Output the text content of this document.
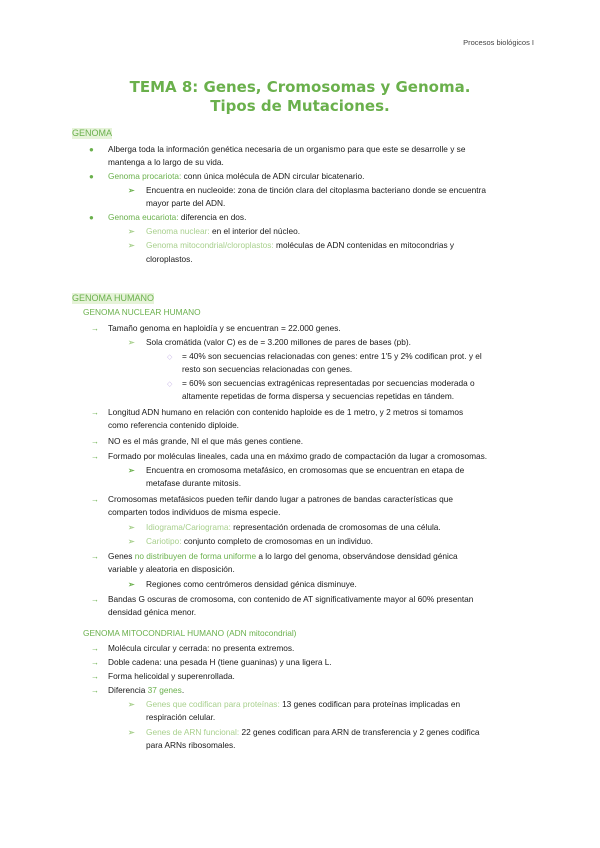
Procesos biológicos I
TEMA 8: Genes, Cromosomas y Genoma.
Tipos de Mutaciones.
GENOMA
● Alberga toda la información genética necesaria de un organismo para que este se desarrolle y se
mantenga a lo largo de su vida.
● Genoma procariota: conn única molécula de ADN circular bicatenario.
➢ Encuentra en nucleoide: zona de tinción clara del citoplasma bacteriano donde se encuentra
mayor parte del ADN.
● Genoma eucariota: diferencia en dos.
➢ Genoma nuclear: en el interior del núcleo.
➢ Genoma mitocondrial/cloroplastos: moléculas de ADN contenidas en mitocondrias y
cloroplastos.
GENOMA HUMANO
GENOMA NUCLEAR HUMANO
→ Tamaño genoma en haploidía y se encuentran = 22.000 genes.
➢ Sola cromátida (valor C) es de = 3.200 millones de pares de bases (pb).
◇ = 40% son secuencias relacionadas con genes: entre 1'5 y 2% codifican prot. y el
resto son secuencias relacionadas con genes.
◇ = 60% son secuencias extragénicas representadas por secuencias moderada o
altamente repetidas de forma dispersa y secuencias repetidas en tándem.
→ Longitud ADN humano en relación con contenido haploide es de 1 metro, y 2 metros si tomamos
como referencia contenido diploide.
→ NO es el más grande, NI el que más genes contiene.
→ Formado por moléculas lineales, cada una en máximo grado de compactación da lugar a cromosomas.
➢ Encuentra en cromosoma metafásico, en cromosomas que se encuentran en etapa de
metafase durante mitosis.
→ Cromosomas metafásicos pueden teñir dando lugar a patrones de bandas características que
comparten todos individuos de misma especie.
➢ Idiograma/Cariograma: representación ordenada de cromosomas de una célula.
➢ Cariotipo: conjunto completo de cromosomas en un individuo.
→ Genes no distribuyen de forma uniforme a lo largo del genoma, observándose densidad génica
variable y aleatoria en disposición.
➢ Regiones como centrómeros densidad génica disminuye.
→ Bandas G oscuras de cromosoma, con contenido de AT significativamente mayor al 60% presentan
densidad génica menor.
GENOMA MITOCONDRIAL HUMANO (ADN mitocondrial)
→ Molécula circular y cerrada: no presenta extremos.
→ Doble cadena: una pesada H (tiene guaninas) y una ligera L.
→ Forma helicoidal y superenrollada.
→ Diferencia 37 genes.
➢ Genes que codifican para proteínas: 13 genes codifican para proteínas implicadas en
respiración celular.
➢ Genes de ARN funcional: 22 genes codifican para ARN de transferencia y 2 genes codifica
para ARNs ribosomales.
